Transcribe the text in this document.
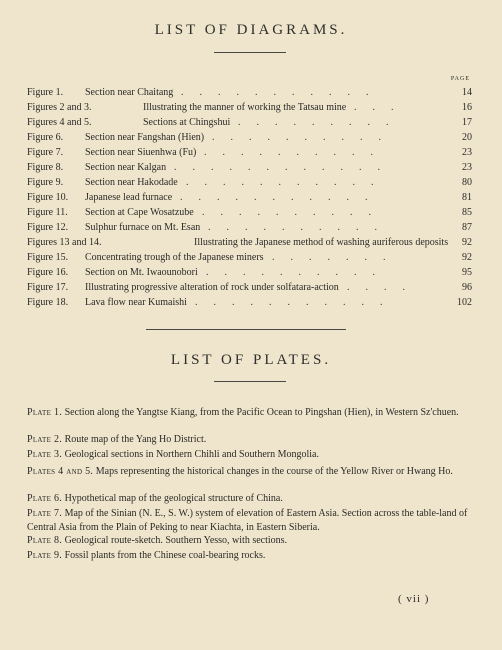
LIST OF DIAGRAMS.
PAGE
Figure 1. Section near Chaitang ...........	14
Figures 2 and 3.	Illustrating the manner of working the Tatsau mine ...	16
Figures 4 and 5.	Sections at Chingshui .........	17
Figure 6. Section near Fangshan (Hien) ..........	20
Figure 7. Section near Siuenhwa (Fu) ..........	23
Figure 8. Section near Kalgan ............	23
Figure 9. Section near Hakodade ...........	80
Figure 10. Japanese lead furnace ...........	81
Figure 11. Section at Cape Wosatzube ..........	85
Figure 12. Sulphur furnace on Mt. Esan ..........	87
Figures 13 and 14.	Illustrating the Japanese method of washing auriferous deposits 92
Figure 15. Concentrating trough of the Japanese miners .......	92
Figure 16. Section on Mt. Iwaounobori ..........	95
Figure 17. Illustrating progressive alteration of rock under solfatara-action ....	96
Figure 18. Lava flow near Kumaishi ...........	102
LIST OF PLATES.
Plate 1. Section along the Yangtse Kiang, from the Pacific Ocean to Pingshan (Hien), in Western Sz'chuen.
Plate 2. Route map of the Yang Ho District.
Plate 3. Geological sections in Northern Chihli and Southern Mongolia.
Plates 4 and 5. Maps representing the historical changes in the course of the Yellow River or Hwang Ho.
Plate 6. Hypothetical map of the geological structure of China.
Plate 7. Map of the Sinian (N. E., S. W.) system of elevation of Eastern Asia. Section across the table-land of Central Asia from the Plain of Peking to near Kiachta, in Eastern Siberia.
Plate 8. Geological route-sketch. Southern Yesso, with sections.
Plate 9. Fossil plants from the Chinese coal-bearing rocks.
( vii )
